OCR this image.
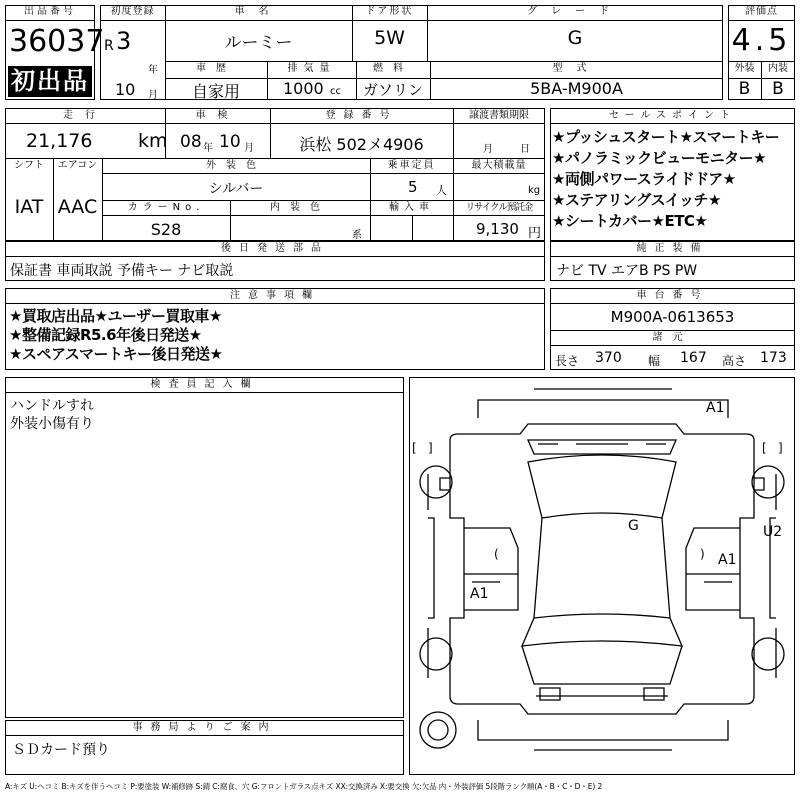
出品番号
36037
初出品
初度登録
R 3
年
10 月
車名
ルーミー
ドア形状
5W
グレード
G
車歴
自家用
排気量
1000 cc
燃料
ガソリン
型式
5BA-M900A
評価点
4.5
外装	内装
B	B
走行
21,176 km
車検
08 年 10 月
登録番号
浜松 502メ4906
譲渡書類期限
月	日
シフト
IAT
エアコン
AAC
外装色
シルバー
乗車定員
5 人
最大積載量
kg
カラーNo.
S28
内装色
系
輸入車	リサイクル預託金
9,130 円
後日発送部品
保証書 車両取説 予備キー ナビ取説
セールスポイント
★プッシュスタート★スマートキー
★パノラミックビューモニター★
★両側パワースライドドア★
★ステアリングスイッチ★
★シートカバー★ETC★
純正装備
ナビ TV エアB PS PW
注意事項欄
★買取店出品★ユーザー買取車★
★整備記録R5.6年後日発送★
★スペアスマートキー後日発送★
車台番号
M900A-0613653
諸元
長さ 370 幅 167 高さ 173
検査員記入欄
ハンドルすれ
外装小傷有り
事務局よりご案内
ＳＤカード預り
[ ]	[ ]
(	)
A1
G	U2
A1
A1
A:キズ U:ヘコミ B:キズを伴うヘコミ P:要塗装 W:補修跡 S:錆 C:腐食、穴 G:フロントガラス点キズ XX:交換済み X:要交換 欠:欠品 内・外装評価 5段階ランク順(A・B・C・D・E) 2
